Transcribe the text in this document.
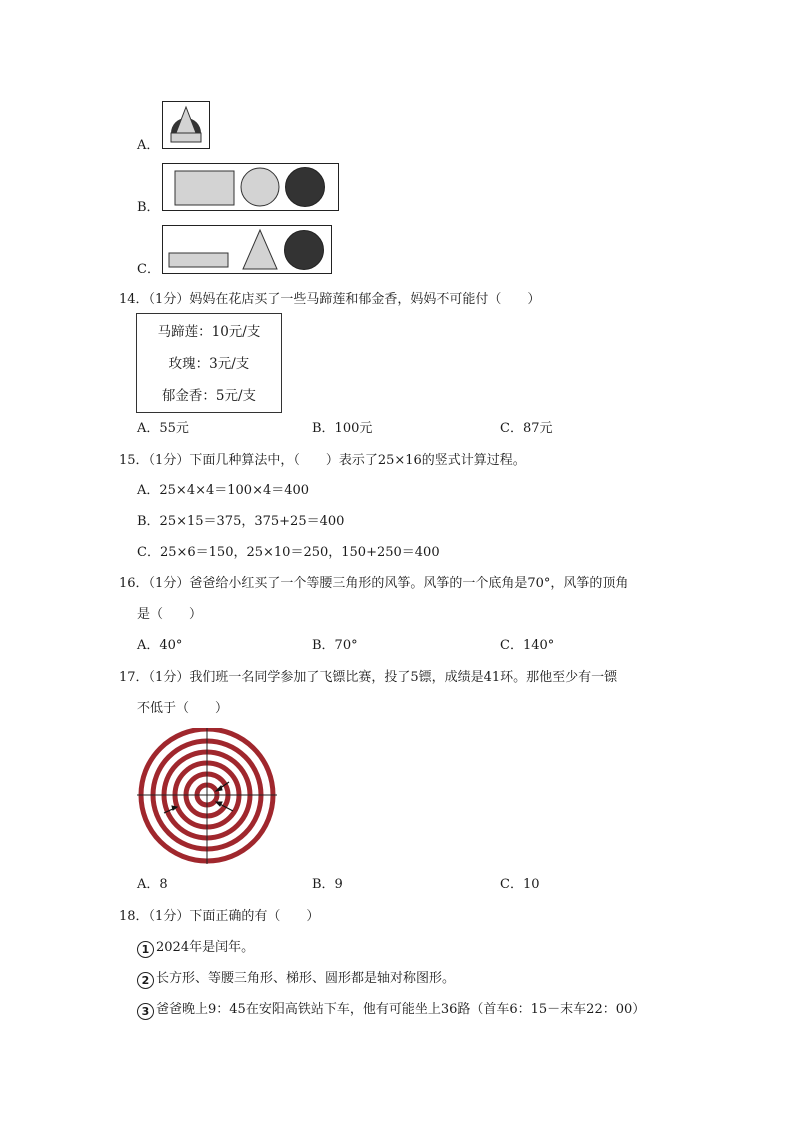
A．
B．
C．
14．（1分）妈妈在花店买了一些马蹄莲和郁金香，妈妈不可能付（　　）
马蹄莲：10元/支
玫瑰：3元/支
郁金香：5元/支
A．55元	B．100元	C．87元
15．（1分）下面几种算法中，（　　）表示了25×16的竖式计算过程。
A．25×4×4＝100×4＝400
B．25×15＝375，375+25＝400
C．25×6＝150，25×10＝250，150+250＝400
16．（1分）爸爸给小红买了一个等腰三角形的风筝。风筝的一个底角是70°，风筝的顶角
是（　　）
A．40°	B．70°	C．140°
17．（1分）我们班一名同学参加了飞镖比赛，投了5镖，成绩是41环。那他至少有一镖
不低于（　　）
A．8	B．9	C．10
18．（1分）下面正确的有（　　）
1 2024年是闰年。
2 长方形、等腰三角形、梯形、圆形都是轴对称图形。
3 爸爸晚上9：45在安阳高铁站下车，他有可能坐上36路（首车6：15－末车22：00）
